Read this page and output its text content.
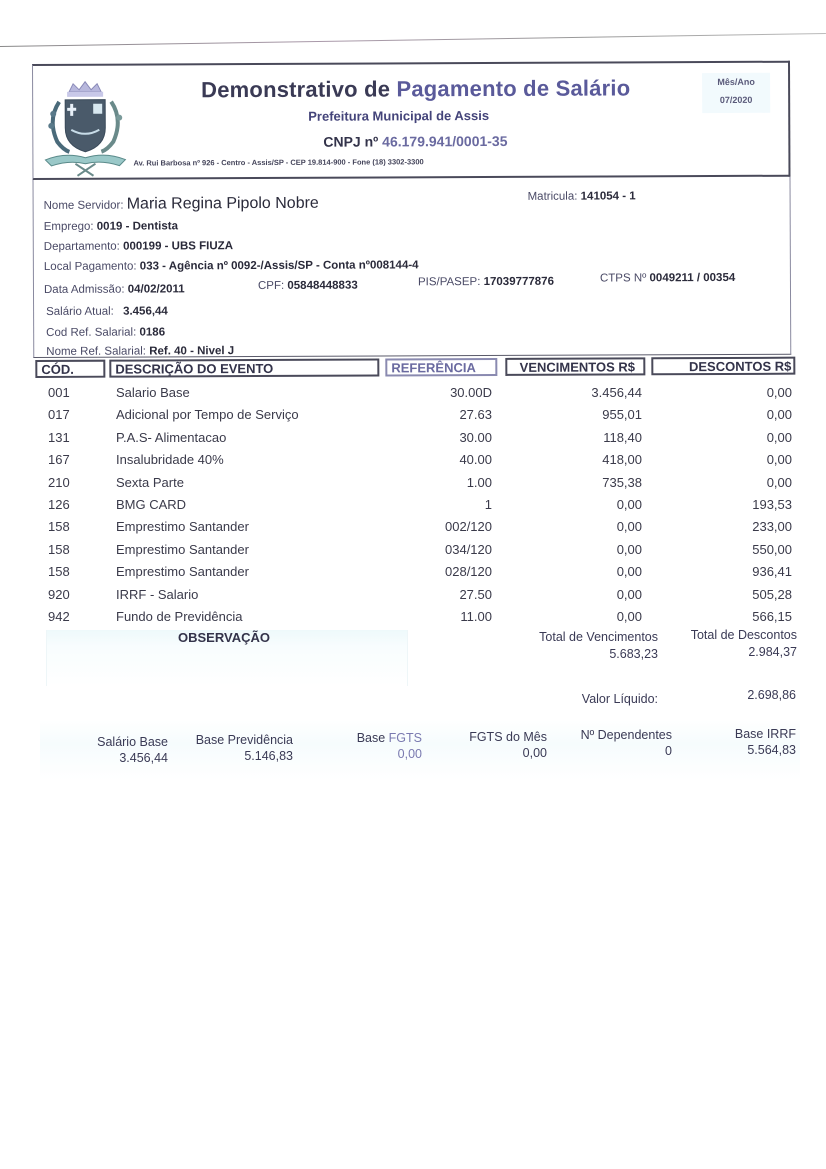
Demonstrativo de Pagamento de Salário
Prefeitura Municipal de Assis
CNPJ nº 46.179.941/0001-35
Av. Rui Barbosa nº 926 - Centro - Assis/SP - CEP 19.814-900 - Fone (18) 3302-3300
Mês/Ano
07/2020
Nome Servidor: Maria Regina Pipolo Nobre	Matricula: 141054 - 1
Emprego: 0019 - Dentista
Departamento: 000199 - UBS FIUZA
Local Pagamento: 033 - Agência nº 0092-/Assis/SP - Conta nº008144-4
Data Admissão: 04/02/2011	CPF: 05848448833	PIS/PASEP: 17039777876	CTPS Nº 0049211 / 00354
Salário Atual: 3.456,44
Cod Ref. Salarial: 0186
Nome Ref. Salarial: Ref. 40 - Nivel J
CÓD.	DESCRIÇÃO DO EVENTO	REFERÊNCIA	VENCIMENTOS R$	DESCONTOS R$
001	Salario Base	30.00D	3.456,44	0,00
017	Adicional por Tempo de Serviço	27.63	955,01	0,00
131	P.A.S- Alimentacao	30.00	118,40	0,00
167	Insalubridade 40%	40.00	418,00	0,00
210	Sexta Parte	1.00	735,38	0,00
126	BMG CARD	1	0,00	193,53
158	Emprestimo Santander	002/120	0,00	233,00
158	Emprestimo Santander	034/120	0,00	550,00
158	Emprestimo Santander	028/120	0,00	936,41
920	IRRF - Salario	27.50	0,00	505,28
942	Fundo de Previdência	11.00	0,00	566,15
OBSERVAÇÃO	Total de Vencimentos
5.683,23
Total de Descontos
2.984,37
Valor Líquido:	2.698,86
Salário Base
3.456,44
Base Previdência
5.146,83
Base FGTS
0,00
FGTS do Mês
0,00
Nº Dependentes
0
Base IRRF
5.564,83
